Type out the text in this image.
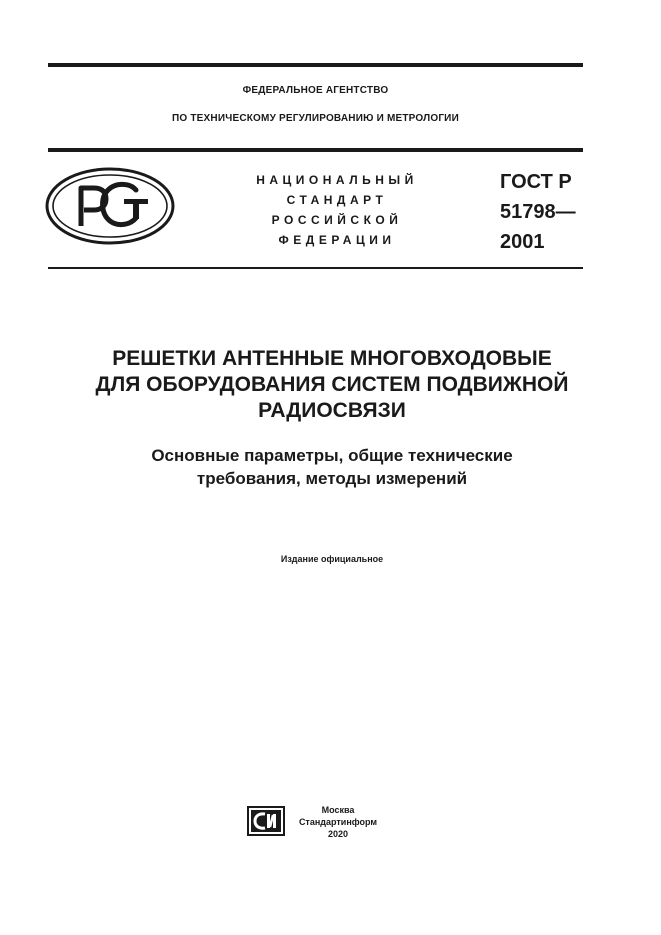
ФЕДЕРАЛЬНОЕ АГЕНТСТВО
ПО ТЕХНИЧЕСКОМУ РЕГУЛИРОВАНИЮ И МЕТРОЛОГИИ
НАЦИОНАЛЬНЫЙ
СТАНДАРТ
РОССИЙСКОЙ
ФЕДЕРАЦИИ
ГОСТ Р
51798—
2001
РЕШЕТКИ АНТЕННЫЕ МНОГОВХОДОВЫЕ
ДЛЯ ОБОРУДОВАНИЯ СИСТЕМ ПОДВИЖНОЙ
РАДИОСВЯЗИ
Основные параметры, общие технические
требования, методы измерений
Издание официальное
Москва
Стандартинформ
2020
